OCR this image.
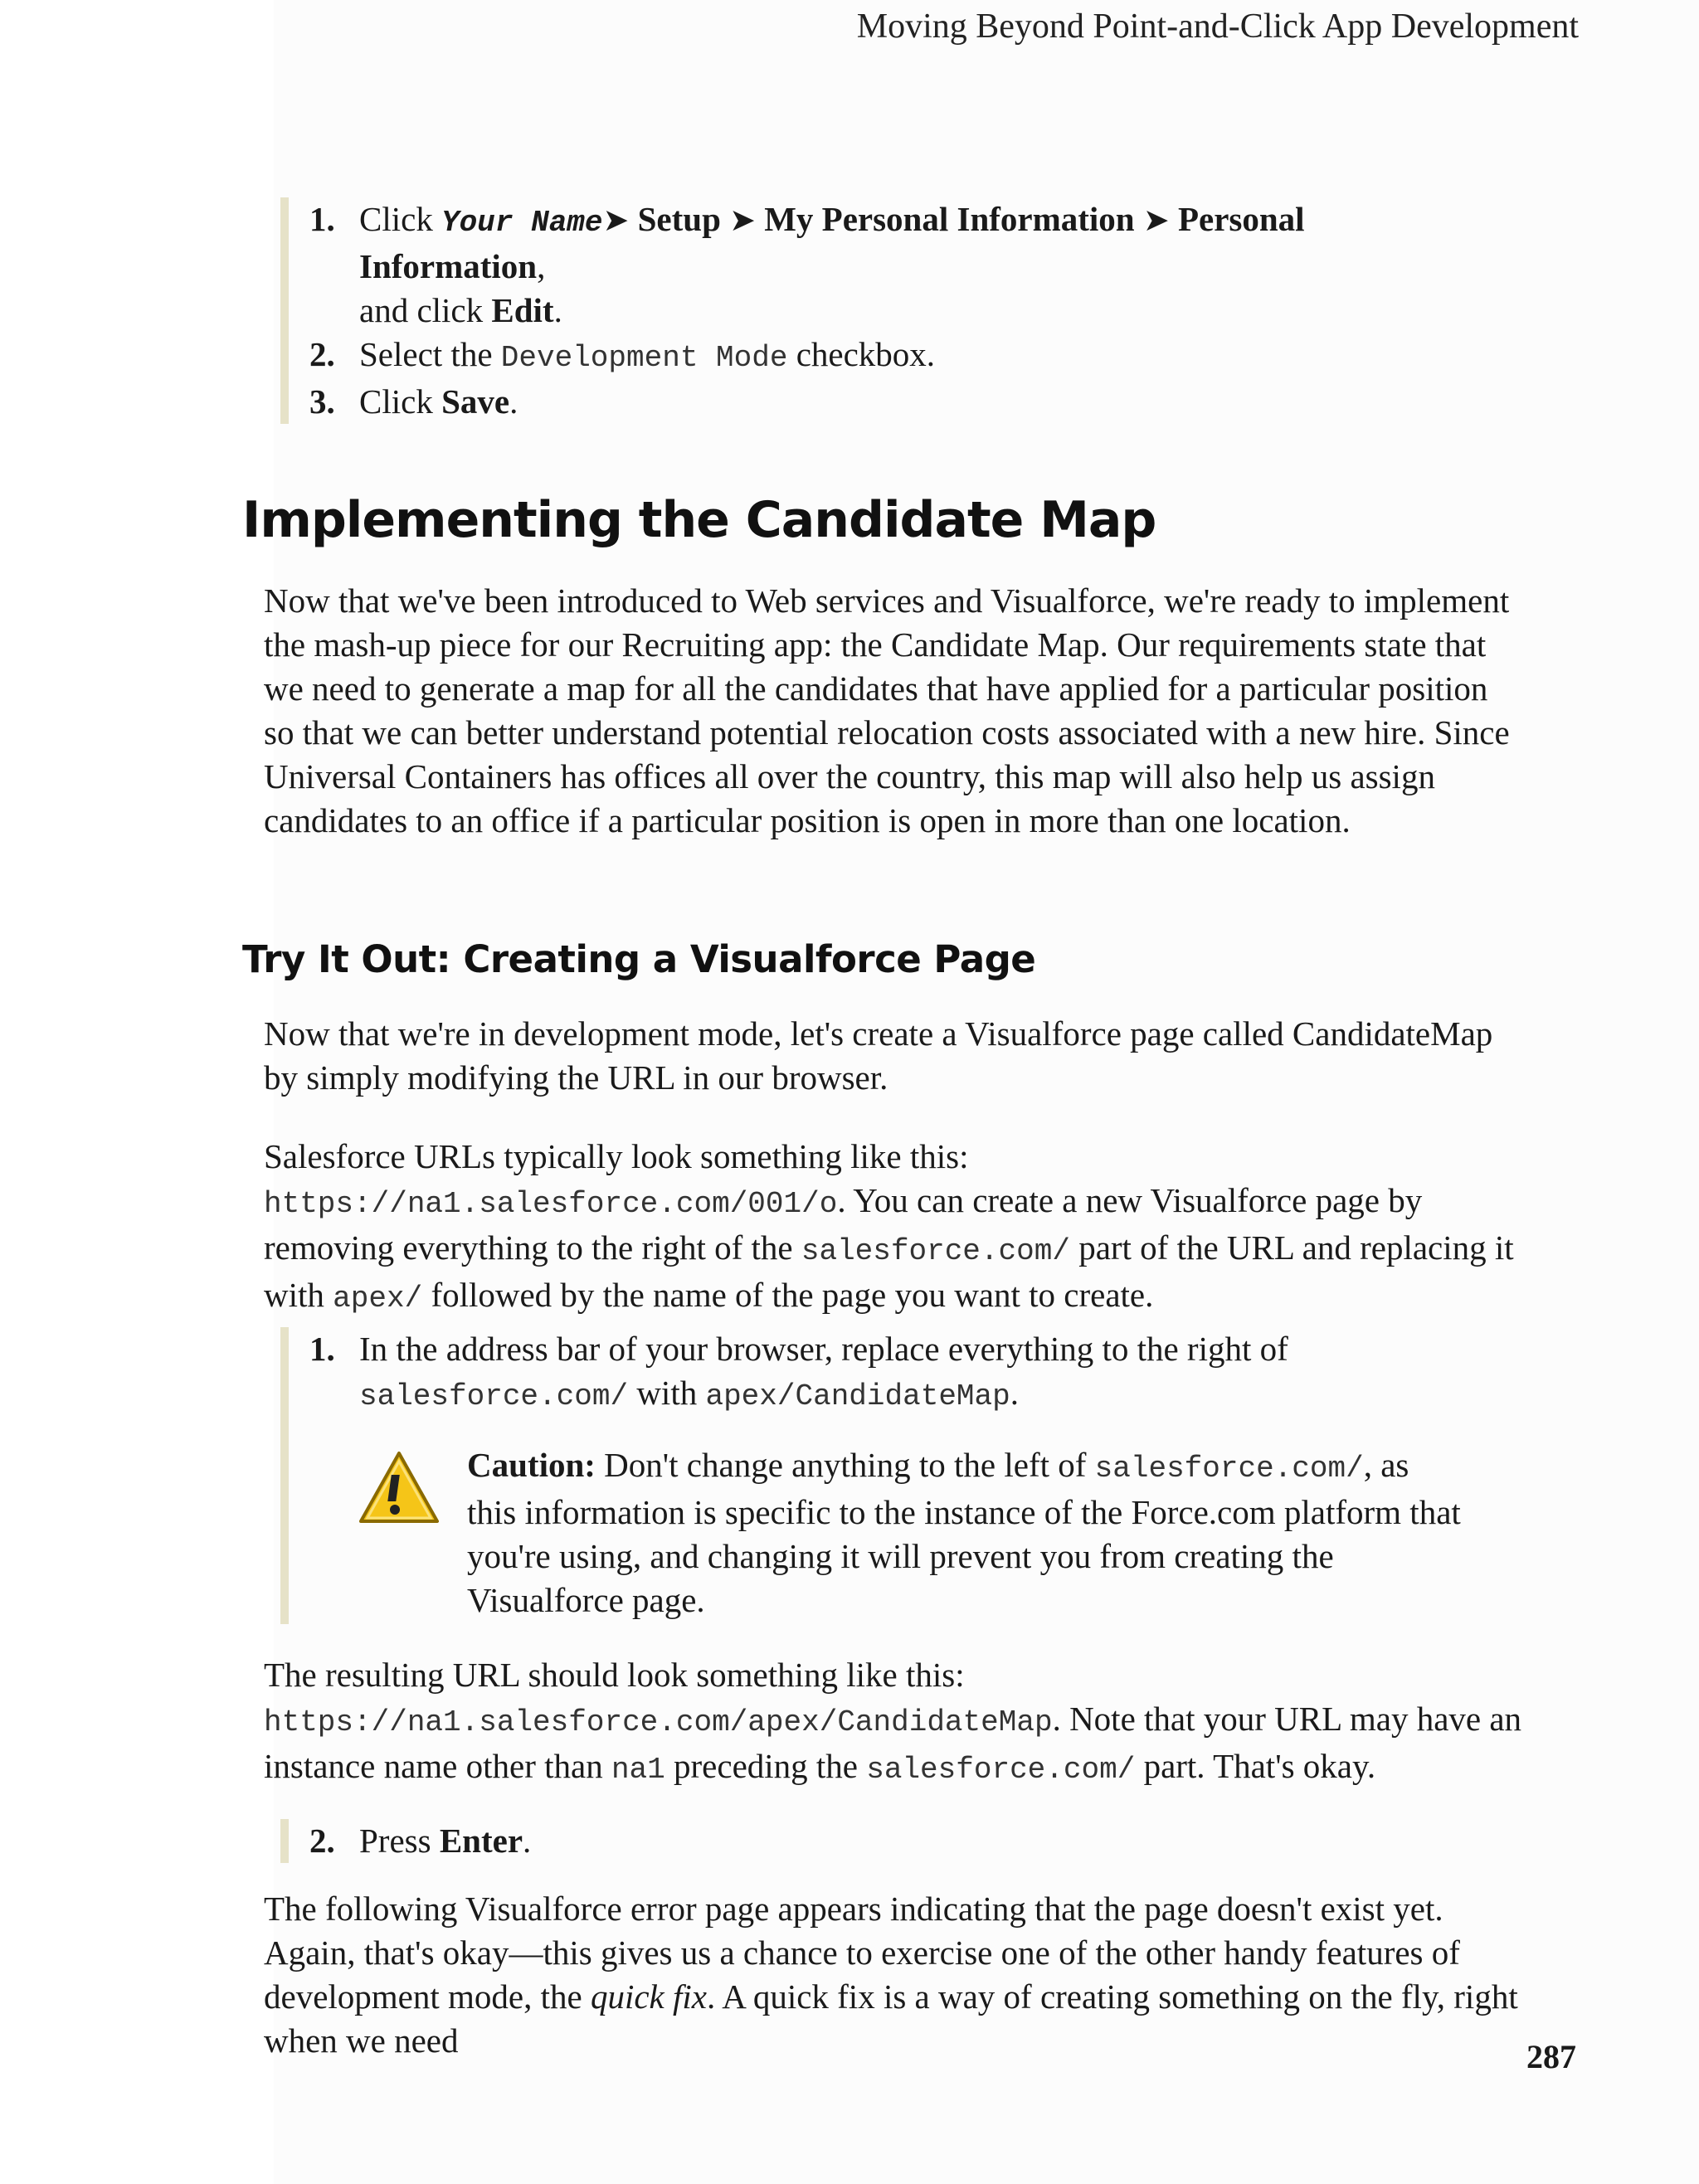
Moving Beyond Point-and-Click App Development

1. Click Your Name➤ Setup ➤ My Personal Information ➤ Personal Information,
and click Edit.

2. Select the Development Mode checkbox.

3. Click Save.

Implementing the Candidate Map

Now that we've been introduced to Web services and Visualforce, we're ready to implement the mash-up piece for our Recruiting app: the Candidate Map. Our requirements state that we need to generate a map for all the candidates that have applied for a particular position so that we can better understand potential relocation costs associated with a new hire. Since Universal Containers has offices all over the country, this map will also help us assign candidates to an office if a particular position is open in more than one location.

Try It Out: Creating a Visualforce Page

Now that we're in development mode, let's create a Visualforce page called CandidateMap by simply modifying the URL in our browser.

Salesforce URLs typically look something like this: https://na1.salesforce.com/001/o. You can create a new Visualforce page by removing everything to the right of the salesforce.com/ part of the URL and replacing it with apex/ followed by the name of the page you want to create.

1. In the address bar of your browser, replace everything to the right of salesforce.com/ with apex/CandidateMap.

Caution: Don't change anything to the left of salesforce.com/, as this information is specific to the instance of the Force.com platform that you're using, and changing it will prevent you from creating the Visualforce page.

The resulting URL should look something like this: https://na1.salesforce.com/apex/CandidateMap. Note that your URL may have an instance name other than na1 preceding the salesforce.com/ part. That's okay.

2. Press Enter.

The following Visualforce error page appears indicating that the page doesn't exist yet. Again, that's okay—this gives us a chance to exercise one of the other handy features of development mode, the quick fix. A quick fix is a way of creating something on the fly, right when we need	287
